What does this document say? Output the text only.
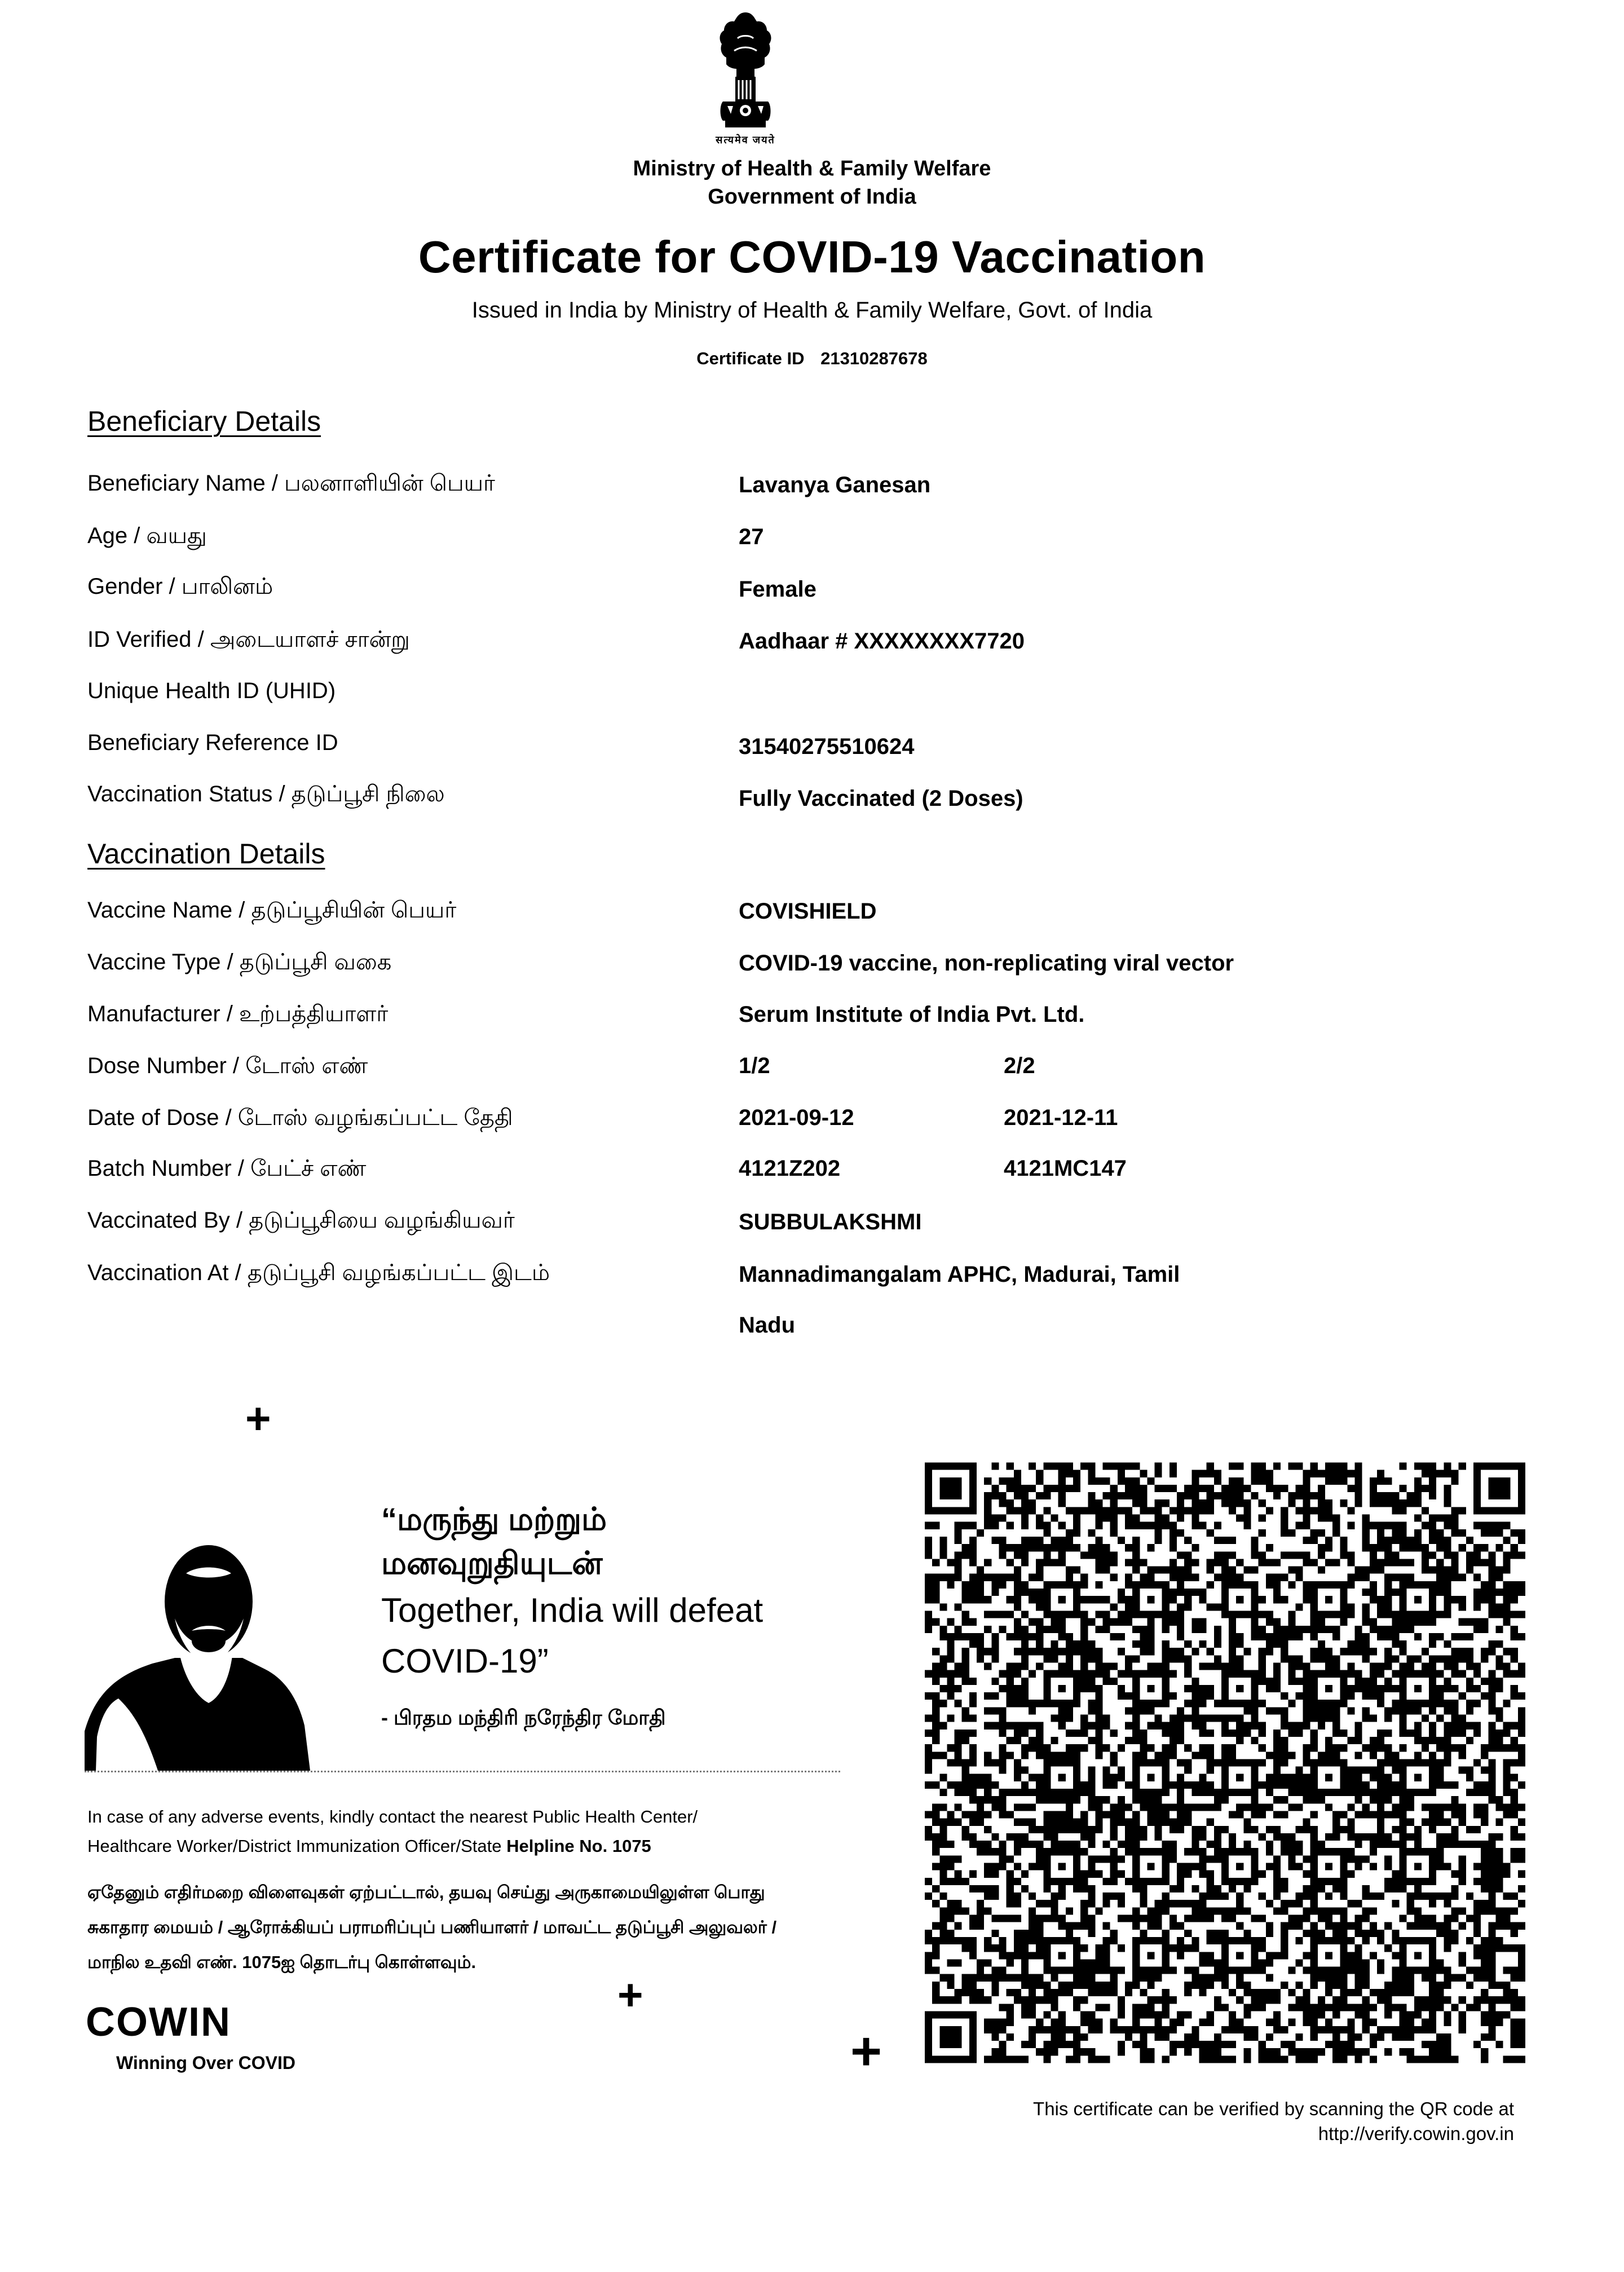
सत्यमेव जयते
Ministry of Health & Family Welfare
Government of India
Certificate for COVID-19 Vaccination
Issued in India by Ministry of Health & Family Welfare, Govt. of India
Certificate ID 21310287678
Beneficiary Details
Beneficiary Name / பலனாளியின் பெயர்	Lavanya Ganesan
Age / வயது	27
Gender / பாலினம்	Female
ID Verified / அடையாளச் சான்று	Aadhaar # XXXXXXXX7720
Unique Health ID (UHID)
Beneficiary Reference ID	31540275510624
Vaccination Status / தடுப்பூசி நிலை	Fully Vaccinated (2 Doses)
Vaccination Details
Vaccine Name / தடுப்பூசியின் பெயர்	COVISHIELD
Vaccine Type / தடுப்பூசி வகை	COVID-19 vaccine, non-replicating viral vector
Manufacturer / உற்பத்தியாளர்	Serum Institute of India Pvt. Ltd.
Dose Number / டோஸ் எண்	1/2	2/2
Date of Dose / டோஸ் வழங்கப்பட்ட தேதி	2021-09-12	2021-12-11
Batch Number / பேட்ச் எண்	4121Z202	4121MC147
Vaccinated By / தடுப்பூசியை வழங்கியவர்	SUBBULAKSHMI
Vaccination At / தடுப்பூசி வழங்கப்பட்ட இடம்	Mannadimangalam APHC, Madurai, Tamil
Nadu
+
+
+
“மருந்து மற்றும்
மனவுறுதியுடன்
Together, India will defeat
COVID-19”
- பிரதம மந்திரி நரேந்திர மோதி
In case of any adverse events, kindly contact the nearest Public Health Center/
Healthcare Worker/District Immunization Officer/State Helpline No. 1075
ஏதேனும் எதிர்மறை விளைவுகள் ஏற்பட்டால், தயவு செய்து அருகாமையிலுள்ள பொது
சுகாதார மையம் / ஆரோக்கியப் பராமரிப்புப் பணியாளர் / மாவட்ட தடுப்பூசி அலுவலர் /
மாநில உதவி எண். 1075ஐ தொடர்பு கொள்ளவும்.
COWIN
Winning Over COVID
This certificate can be verified by scanning the QR code at
http://verify.cowin.gov.in
